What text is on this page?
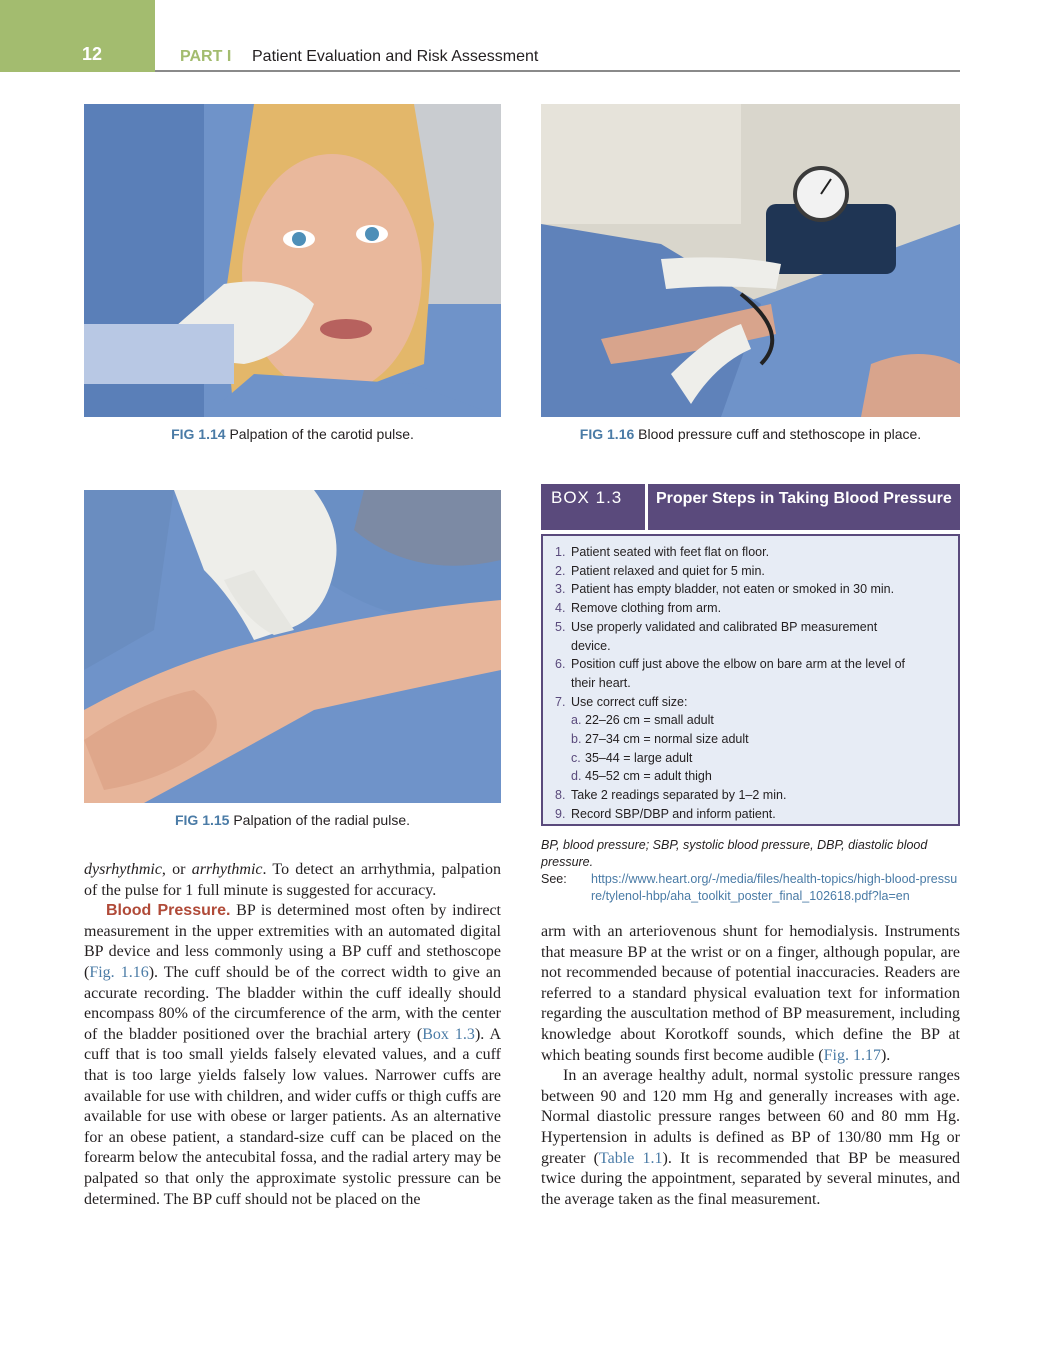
12	PART I Patient Evaluation and Risk Assessment
FIG 1.14 Palpation of the carotid pulse.	FIG 1.16 Blood pressure cuff and stethoscope in place.
FIG 1.15 Palpation of the radial pulse.
BOX 1.3	Proper Steps in Taking Blood Pressure
1. Patient seated with feet flat on floor.
2. Patient relaxed and quiet for 5 min.
3. Patient has empty bladder, not eaten or smoked in 30 min.
4. Remove clothing from arm.
5. Use properly validated and calibrated BP measurement
device.
6. Position cuff just above the elbow on bare arm at the level of
their heart.
7. Use correct cuff size:
a. 22–26 cm = small adult
b. 27–34 cm = normal size adult
c. 35–44 = large adult
d. 45–52 cm = adult thigh
8. Take 2 readings separated by 1–2 min.
9. Record SBP/DBP and inform patient.
BP, blood pressure; SBP, systolic blood pressure, DBP, diastolic blood pressure.
See:	https://www.heart.org/-/media/files/health-topics/high-blood-pressure/tylenol-hbp/aha_toolkit_poster_final_102618.pdf?la=en

dysrhythmic, or arrhythmic. To detect an arrhythmia, palpation of the pulse for 1 full minute is suggested for accuracy.

Blood Pressure. BP is determined most often by indirect measurement in the upper extremities with an automated digital BP device and less commonly using a BP cuff and stethoscope (Fig. 1.16). The cuff should be of the correct width to give an accurate recording. The bladder within the cuff ideally should encompass 80% of the circumference of the arm, with the center of the bladder positioned over the brachial artery (Box 1.3). A cuff that is too small yields falsely elevated values, and a cuff that is too large yields falsely low values. Narrower cuffs are available for use with children, and wider cuffs or thigh cuffs are available for use with obese or larger patients. As an alternative for an obese patient, a standard-size cuff can be placed on the forearm below the antecubital fossa, and the radial artery may be palpated so that only the approximate systolic pressure can be determined. The BP cuff should not be placed on the

arm with an arteriovenous shunt for hemodialysis. Instruments that measure BP at the wrist or on a finger, although popular, are not recommended because of potential inaccuracies. Readers are referred to a standard physical evaluation text for information regarding the auscultation method of BP measurement, including knowledge about Korotkoff sounds, which define the BP at which beating sounds first become audible (Fig. 1.17).

In an average healthy adult, normal systolic pressure ranges between 90 and 120 mm Hg and generally increases with age. Normal diastolic pressure ranges between 60 and 80 mm Hg. Hypertension in adults is defined as BP of 130/80 mm Hg or greater (Table 1.1). It is recommended that BP be measured twice during the appointment, separated by several minutes, and the average taken as the final measurement.
